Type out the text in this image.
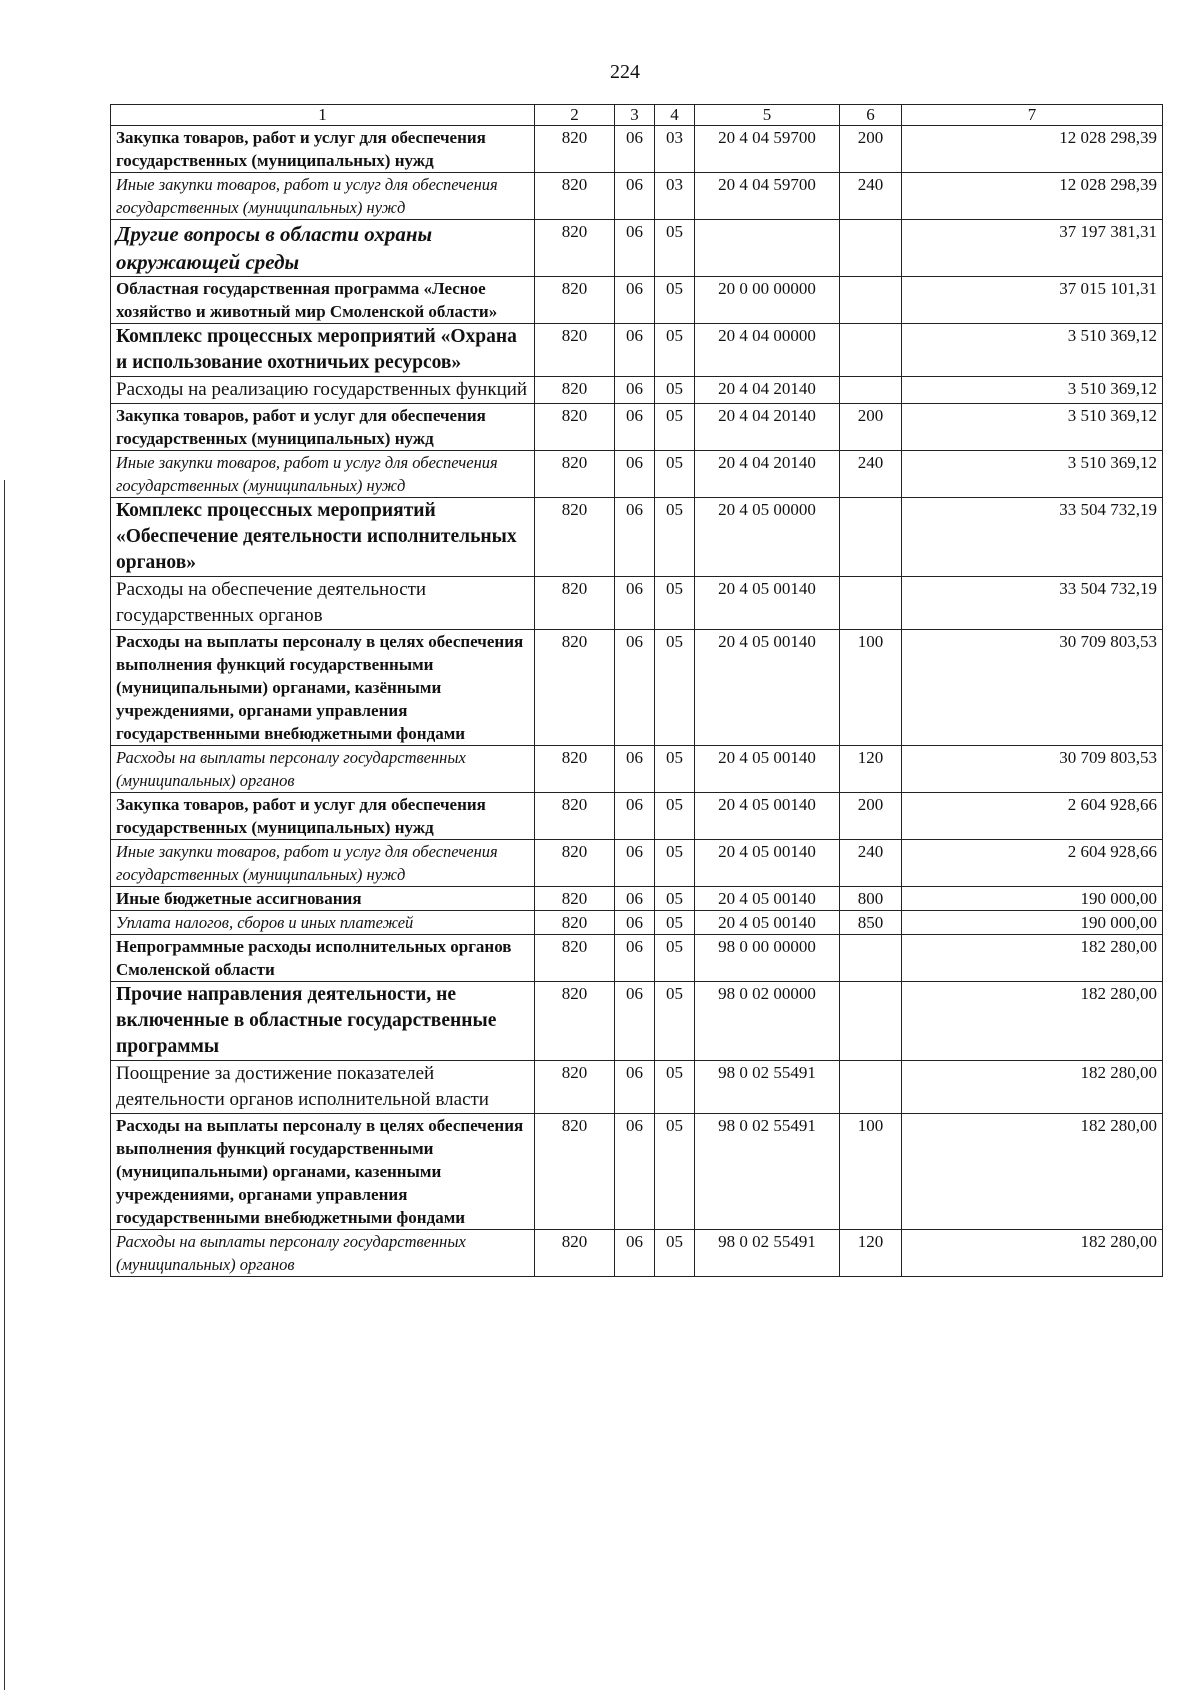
224
1	2	3	4	5	6	7
Закупка товаров, работ и услуг для обеспечения государственных (муниципальных) нужд	820	06	03	20 4 04 59700	200	12 028 298,39
Иные закупки товаров, работ и услуг для обеспечения государственных (муниципальных) нужд	820	06	03	20 4 04 59700	240	12 028 298,39
Другие вопросы в области охраны окружающей среды	820	06	05			37 197 381,31
Областная государственная программа «Лесное хозяйство и животный мир Смоленской области»	820	06	05	20 0 00 00000		37 015 101,31
Комплекс процессных мероприятий «Охрана и использование охотничьих ресурсов»	820	06	05	20 4 04 00000		3 510 369,12
Расходы на реализацию государственных функций	820	06	05	20 4 04 20140		3 510 369,12
Закупка товаров, работ и услуг для обеспечения государственных (муниципальных) нужд	820	06	05	20 4 04 20140	200	3 510 369,12
Иные закупки товаров, работ и услуг для обеспечения государственных (муниципальных) нужд	820	06	05	20 4 04 20140	240	3 510 369,12
Комплекс процессных мероприятий «Обеспечение деятельности исполнительных органов»	820	06	05	20 4 05 00000		33 504 732,19
Расходы на обеспечение деятельности государственных органов	820	06	05	20 4 05 00140		33 504 732,19
Расходы на выплаты персоналу в целях обеспечения выполнения функций государственными (муниципальными) органами, казёнными учреждениями, органами управления государственными внебюджетными фондами	820	06	05	20 4 05 00140	100	30 709 803,53
Расходы на выплаты персоналу государственных (муниципальных) органов	820	06	05	20 4 05 00140	120	30 709 803,53
Закупка товаров, работ и услуг для обеспечения государственных (муниципальных) нужд	820	06	05	20 4 05 00140	200	2 604 928,66
Иные закупки товаров, работ и услуг для обеспечения государственных (муниципальных) нужд	820	06	05	20 4 05 00140	240	2 604 928,66
Иные бюджетные ассигнования	820	06	05	20 4 05 00140	800	190 000,00
Уплата налогов, сборов и иных платежей	820	06	05	20 4 05 00140	850	190 000,00
Непрограммные расходы исполнительных органов Смоленской области	820	06	05	98 0 00 00000		182 280,00
Прочие направления деятельности, не включенные в областные государственные программы	820	06	05	98 0 02 00000		182 280,00
Поощрение за достижение показателей деятельности органов исполнительной власти	820	06	05	98 0 02 55491		182 280,00
Расходы на выплаты персоналу в целях обеспечения выполнения функций государственными (муниципальными) органами, казенными учреждениями, органами управления государственными внебюджетными фондами	820	06	05	98 0 02 55491	100	182 280,00
Расходы на выплаты персоналу государственных (муниципальных) органов	820	06	05	98 0 02 55491	120	182 280,00
